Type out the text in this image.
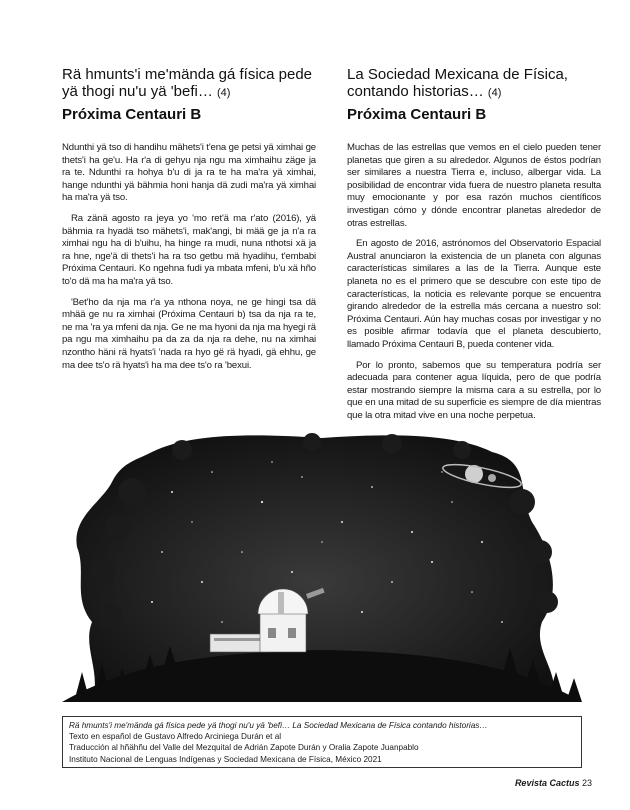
Rä hmunts'i me'mända gá física pede yä thogi nu'u yä 'befi… (4)
Próxima Centauri B

Ndunthi yä tso di handihu mähets'i t'ena ge petsi yä ximhai ge thets'i ha ge'u. Ha r'a di gehyu nja ngu ma ximhaihu zäge ja ra te. Ndunthi ra hohya b'u di ja ra te ha ma'ra yä ximhai, hange ndunthi yä bähmia honi hanja dä zudi ma'ra yä ximhai ha ma'ra yä tso.

Ra zänä agosto ra jeya yo 'mo ret'ä ma r'ato (2016), yä bähmia ra hyadä tso mähets'i, mak'angi, bi mää ge ja n'a ra ximhai ngu ha di b'uihu, ha hinge ra mudi, nuna nthotsi xä ja ra hne, nge'ä di thets'i ha ra tso getbu mä hyadihu, t'embabi Próxima Centauri. Ko ngehna fudi ya mbata mfeni, b'u xä hño to'o dä ma ha ma'ra yä tso.

'Bet'ho da nja ma r'a ya nthona noya, ne ge hingi tsa dä mhää ge nu ra ximhai (Próxima Centauri b) tsa da nja ra te, ne ma 'ra ya mfeni da nja. Ge ne ma hyoni da nja ma hyegi rä pa ngu ma ximhaihu pa da za da nja ra dehe, nu na ximhai nzontho häni rä hyats'i 'nada ra hyo gë rä hyadi, gä ehhu, ge ma dee ts'o rä hyats'i ha ma dee ts'o ra 'bexui.

La Sociedad Mexicana de Física, contando historias… (4)
Próxima Centauri B

Muchas de las estrellas que vemos en el cielo pueden tener planetas que giren a su alrededor. Algunos de éstos podrían ser similares a nuestra Tierra e, incluso, albergar vida. La posibilidad de encontrar vida fuera de nuestro planeta resulta muy emocionante y por esa razón muchos científicos investigan cómo y dónde encontrar planetas alrededor de otras estrellas.

En agosto de 2016, astrónomos del Observatorio Espacial Austral anunciaron la existencia de un planeta con algunas características similares a las de la Tierra. Aunque este planeta no es el primero que se descubre con este tipo de características, la noticia es relevante porque se encuentra girando alrededor de la estrella más cercana a nuestro sol: Próxima Centauri. Aún hay muchas cosas por investigar y no es posible afirmar todavía que el planeta descubierto, llamado Próxima Centauri B, pueda contener vida.

Por lo pronto, sabemos que su temperatura podría ser adecuada para contener agua líquida, pero de que podría estar mostrando siempre la misma cara a su estrella, por lo que en una mitad de su superficie es siempre de día mientras que la otra mitad vive en una noche perpetua.

Rä hmunts'i me'mända gá física pede yä thogi nu'u yä 'befi… La Sociedad Mexicana de Física contando historias…
Texto en español de Gustavo Alfredo Arciniega Durán et al
Traducción al hñähñu del Valle del Mezquital de Adrián Zapote Durán y Oralia Zapote Juanpablo
Instituto Nacional de Lenguas Indígenas y Sociedad Mexicana de Física, México 2021
Revista Cactus 23
